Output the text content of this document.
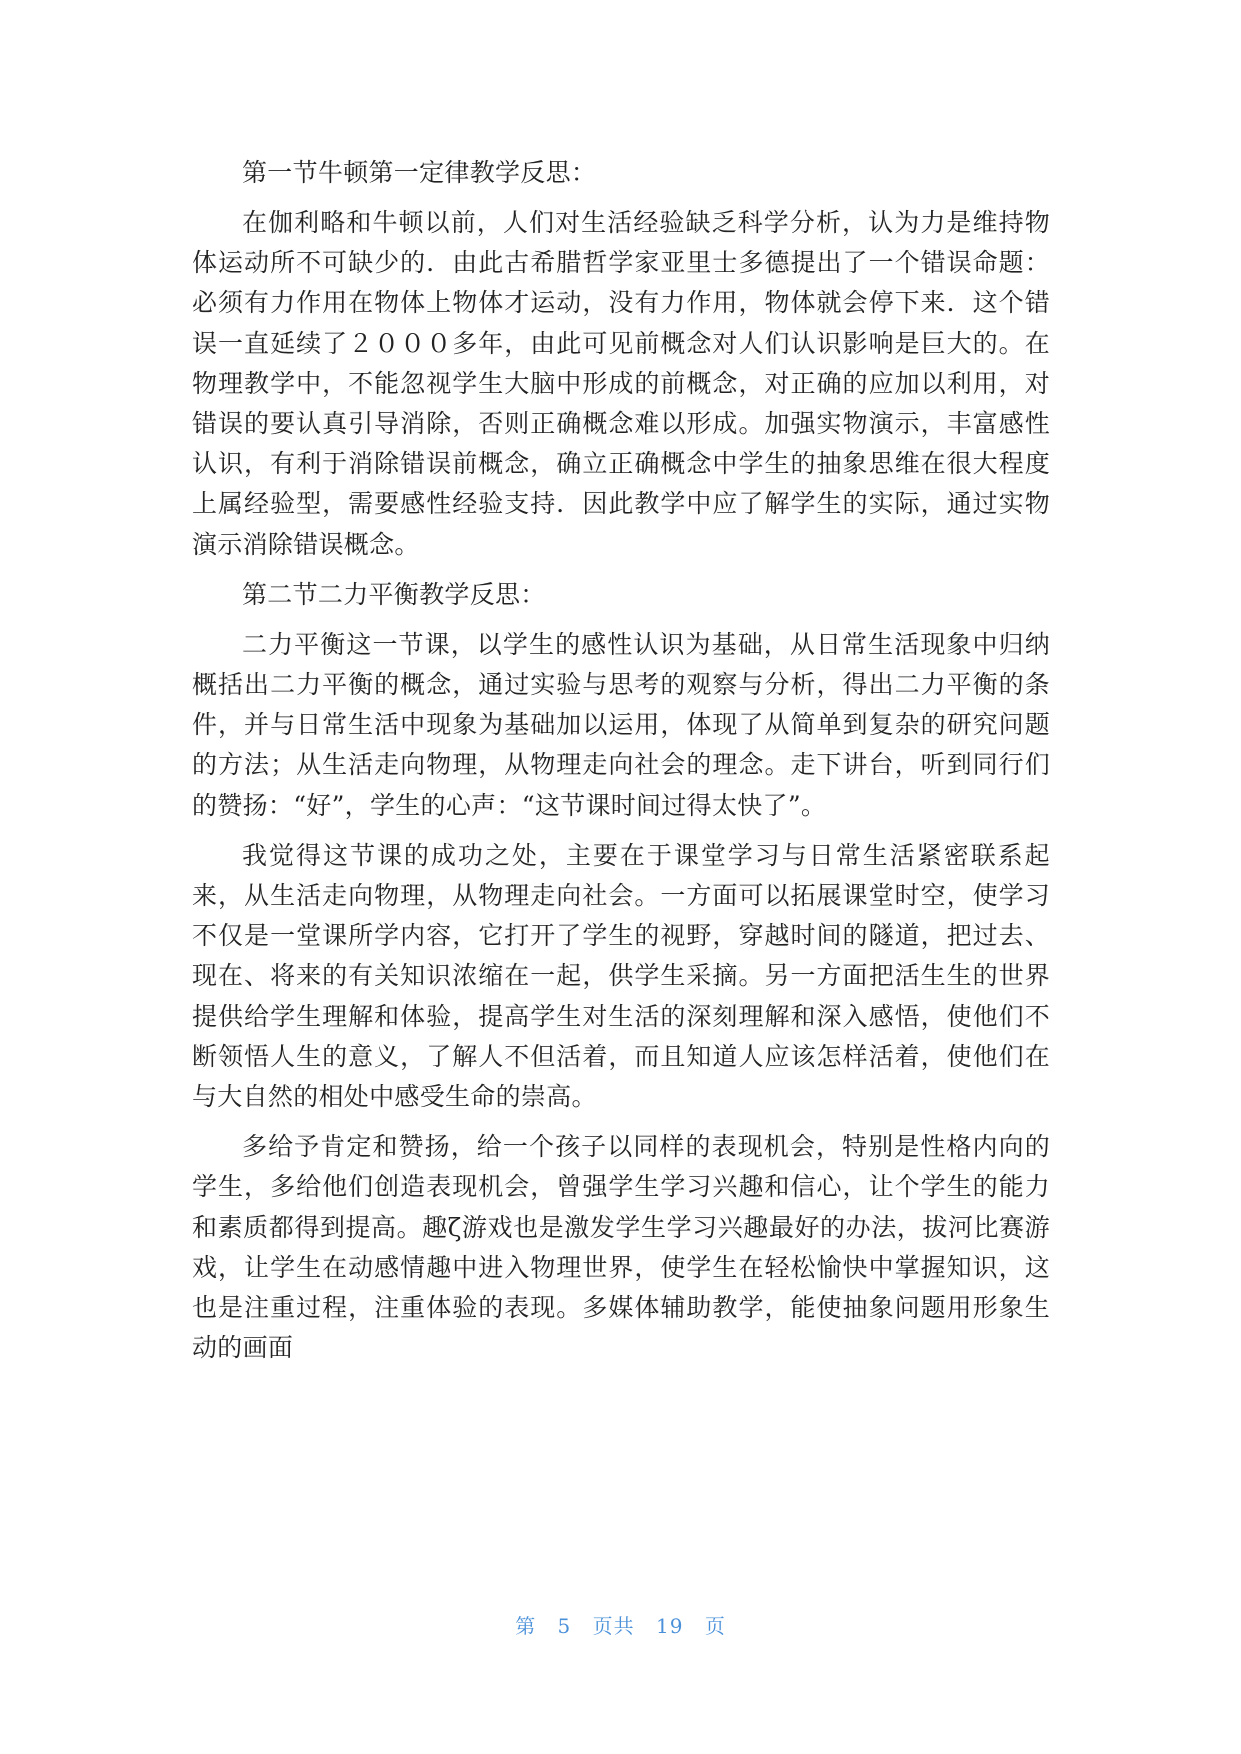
第一节牛顿第一定律教学反思：

在伽利略和牛顿以前，人们对生活经验缺乏科学分析，认为力是维持物体运动所不可缺少的．由此古希腊哲学家亚里士多德提出了一个错误命题：必须有力作用在物体上物体才运动，没有力作用，物体就会停下来．这个错误一直延续了２０００多年，由此可见前概念对人们认识影响是巨大的。在物理教学中，不能忽视学生大脑中形成的前概念，对正确的应加以利用，对错误的要认真引导消除，否则正确概念难以形成。加强实物演示，丰富感性认识，有利于消除错误前概念，确立正确概念中学生的抽象思维在很大程度上属经验型，需要感性经验支持．因此教学中应了解学生的实际，通过实物演示消除错误概念。

第二节二力平衡教学反思：

二力平衡这一节课，以学生的感性认识为基础，从日常生活现象中归纳概括出二力平衡的概念，通过实验与思考的观察与分析，得出二力平衡的条件，并与日常生活中现象为基础加以运用，体现了从简单到复杂的研究问题的方法；从生活走向物理，从物理走向社会的理念。走下讲台，听到同行们的赞扬：“好”，学生的心声：“这节课时间过得太快了”。

我觉得这节课的成功之处，主要在于课堂学习与日常生活紧密联系起来，从生活走向物理，从物理走向社会。一方面可以拓展课堂时空，使学习不仅是一堂课所学内容，它打开了学生的视野，穿越时间的隧道，把过去、现在、将来的有关知识浓缩在一起，供学生采摘。另一方面把活生生的世界提供给学生理解和体验，提高学生对生活的深刻理解和深入感悟，使他们不断领悟人生的意义，了解人不但活着，而且知道人应该怎样活着，使他们在与大自然的相处中感受生命的崇高。

多给予肯定和赞扬，给一个孩子以同样的表现机会，特别是性格内向的学生，多给他们创造表现机会，曾强学生学习兴趣和信心，让个学生的能力和素质都得到提高。趣ζ游戏也是激发学生学习兴趣最好的办法，拔河比赛游戏，让学生在动感情趣中进入物理世界，使学生在轻松愉快中掌握知识，这也是注重过程，注重体验的表现。多媒体辅助教学，能使抽象问题用形象生动的画面

第 5 页共 19 页
